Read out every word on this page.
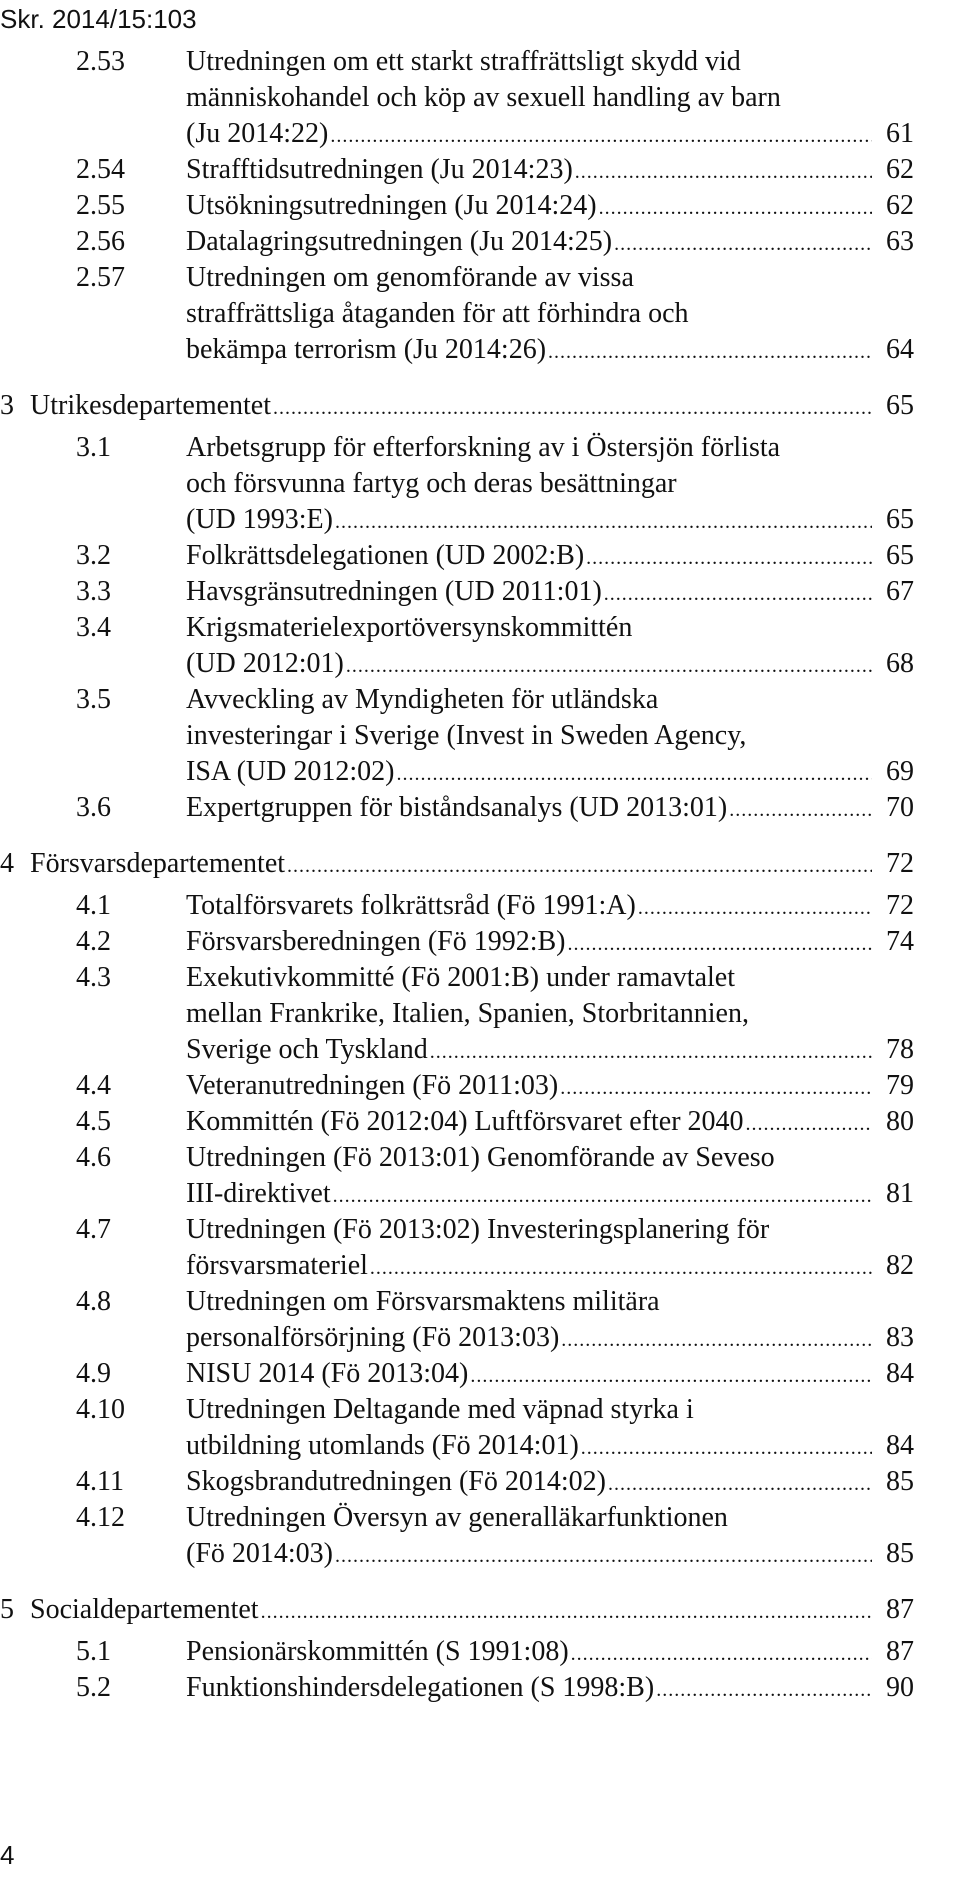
Skr. 2014/15:103
2.53 Utredningen om ett starkt straffrättsligt skydd vid
människohandel och köp av sexuell handling av barn
(Ju 2014:22) .....	61
2.54 Strafftidsutredningen (Ju 2014:23) .....	62
2.55 Utsökningsutredningen (Ju 2014:24) .....	62
2.56 Datalagringsutredningen (Ju 2014:25) .....	63
2.57 Utredningen om genomförande av vissa
straffrättsliga åtaganden för att förhindra och
bekämpa terrorism (Ju 2014:26) .....	64
3 Utrikesdepartementet .....	65
3.1	Arbetsgrupp för efterforskning av i Östersjön förlista
och försvunna fartyg och deras besättningar
(UD 1993:E) .....	65
3.2	Folkrättsdelegationen (UD 2002:B) .....	65
3.3	Havsgränsutredningen (UD 2011:01) .....	67
3.4	Krigsmaterielexportöversynskommittén
(UD 2012:01) .....	68
3.5	Avveckling av Myndigheten för utländska
investeringar i Sverige (Invest in Sweden Agency,
ISA (UD 2012:02) .....	69
3.6	Expertgruppen för biståndsanalys (UD 2013:01) .....	70
4 Försvarsdepartementet .....	72
4.1	Totalförsvarets folkrättsråd (Fö 1991:A) .....	72
4.2	Försvarsberedningen (Fö 1992:B) .....	74
4.3	Exekutivkommitté (Fö 2001:B) under ramavtalet
mellan Frankrike, Italien, Spanien, Storbritannien,
Sverige och Tyskland .....	78
4.4	Veteranutredningen (Fö 2011:03) .....	79
4.5	Kommittén (Fö 2012:04) Luftförsvaret efter 2040 .....	80
4.6	Utredningen (Fö 2013:01) Genomförande av Seveso
III-direktivet .....	81
4.7	Utredningen (Fö 2013:02) Investeringsplanering för
försvarsmateriel .....	82
4.8	Utredningen om Försvarsmaktens militära
personalförsörjning (Fö 2013:03) .....	83
4.9	NISU 2014 (Fö 2013:04) .....	84
4.10 Utredningen Deltagande med väpnad styrka i
utbildning utomlands (Fö 2014:01) .....	84
4.11 Skogsbrandutredningen (Fö 2014:02) .....	85
4.12 Utredningen Översyn av generalläkarfunktionen
(Fö 2014:03) .....	85
5 Socialdepartementet .....	87
5.1	Pensionärskommittén (S 1991:08) .....	87
5.2	Funktionshindersdelegationen (S 1998:B) .....	90
4
